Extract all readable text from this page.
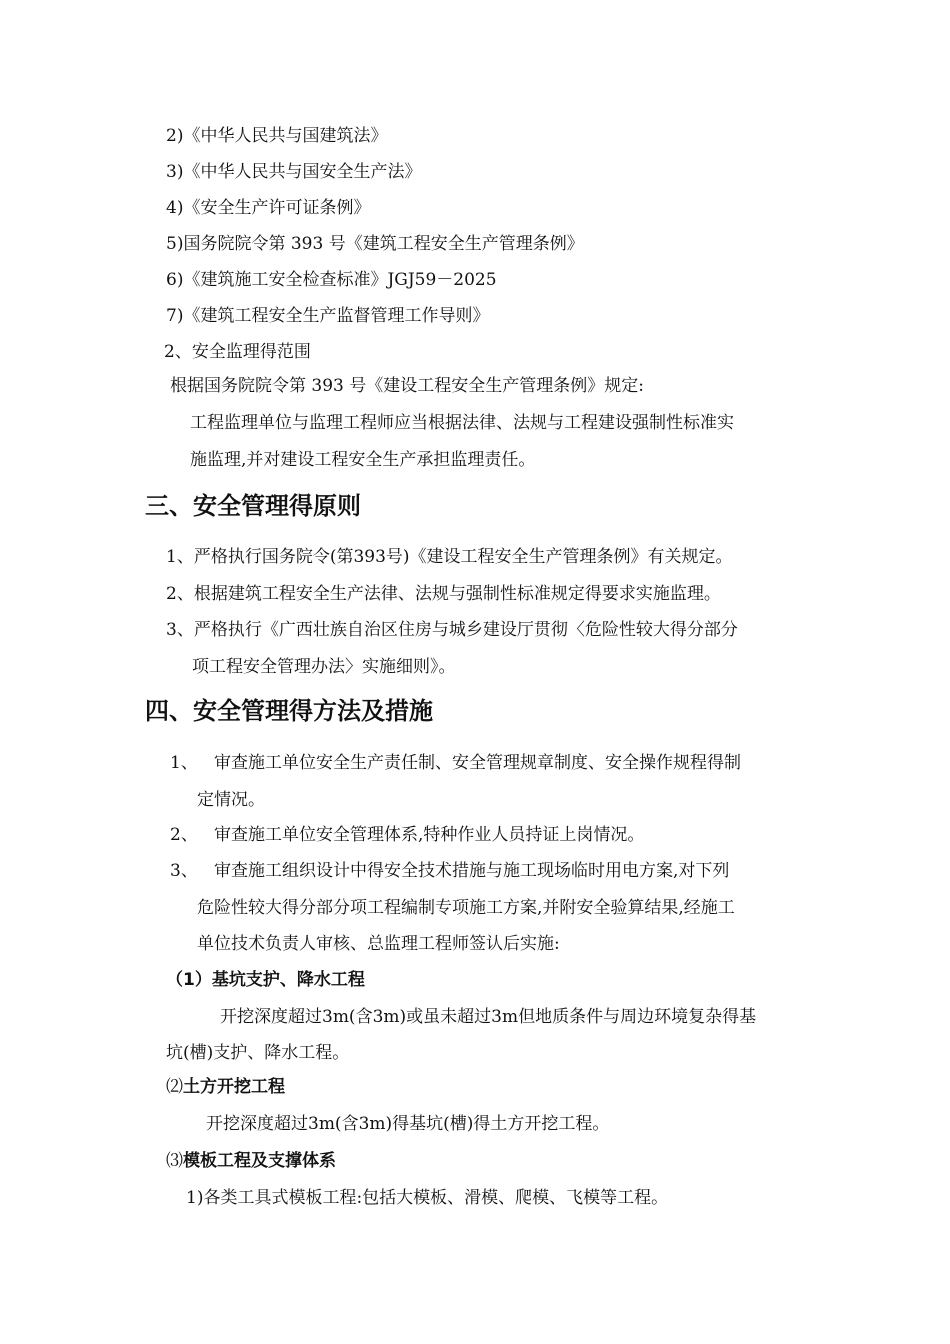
2)《中华人民共与国建筑法》
3)《中华人民共与国安全生产法》
4)《安全生产许可证条例》
5)国务院院令第 393 号《建筑工程安全生产管理条例》
6)《建筑施工安全检查标准》JGJ59－2025
7)《建筑工程安全生产监督管理工作导则》
2、安全监理得范围
根据国务院院令第 393 号《建设工程安全生产管理条例》规定:
工程监理单位与监理工程师应当根据法律、法规与工程建设强制性标准实
施监理,并对建设工程安全生产承担监理责任。
三、安全管理得原则
1、严格执行国务院令(第393号)《建设工程安全生产管理条例》有关规定。
2、根据建筑工程安全生产法律、法规与强制性标准规定得要求实施监理。
3、严格执行《广西壮族自治区住房与城乡建设厅贯彻〈危险性较大得分部分
项工程安全管理办法〉实施细则》。
四、安全管理得方法及措施
1、 审查施工单位安全生产责任制、安全管理规章制度、安全操作规程得制
定情况。
2、 审查施工单位安全管理体系,特种作业人员持证上岗情况。
3、 审查施工组织设计中得安全技术措施与施工现场临时用电方案,对下列
危险性较大得分部分项工程编制专项施工方案,并附安全验算结果,经施工
单位技术负责人审核、总监理工程师签认后实施:
（1）基坑支护、降水工程
开挖深度超过3m(含3m)或虽未超过3m但地质条件与周边环境复杂得基
坑(槽)支护、降水工程。
⑵土方开挖工程
开挖深度超过3m(含3m)得基坑(槽)得土方开挖工程。
⑶模板工程及支撑体系
1)各类工具式模板工程:包括大模板、滑模、爬模、飞模等工程。
